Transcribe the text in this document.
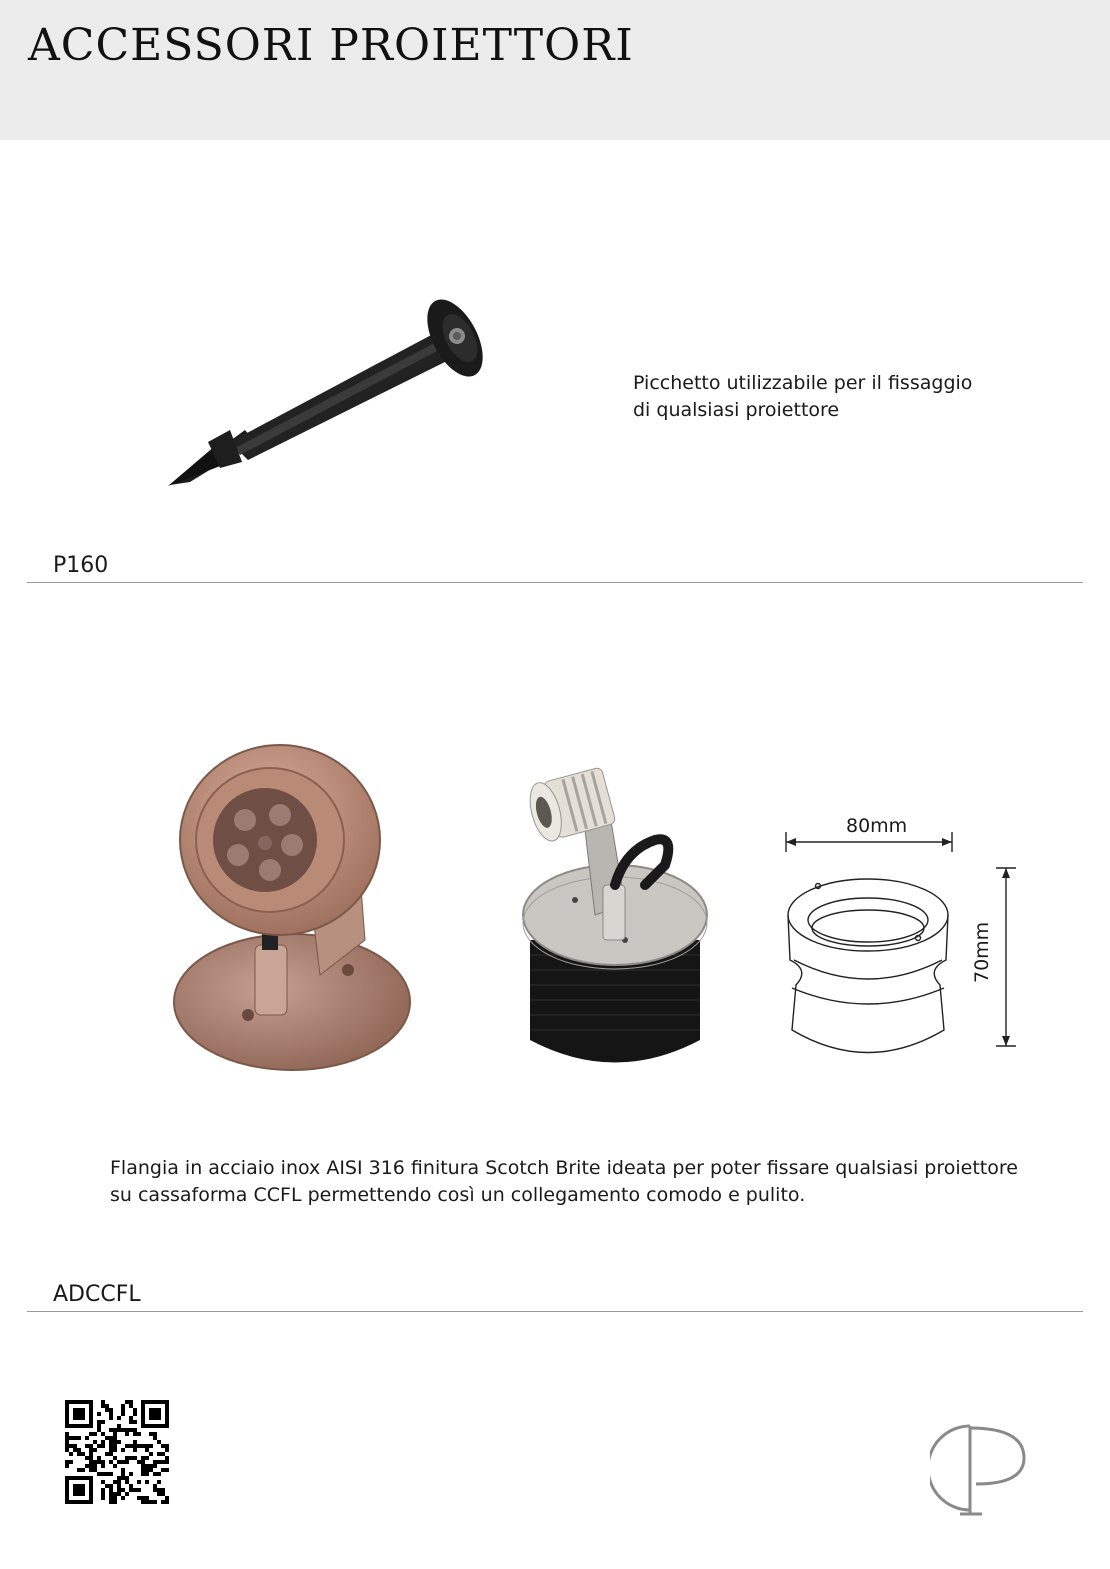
ACCESSORI PROIETTORI
Picchetto utilizzabile per il fissaggio
di qualsiasi proiettore
P160
80mm
70mm
Flangia in acciaio inox AISI 316 finitura Scotch Brite ideata per poter fissare qualsiasi proiettore
su cassaforma CCFL permettendo così un collegamento comodo e pulito.
ADCCFL
